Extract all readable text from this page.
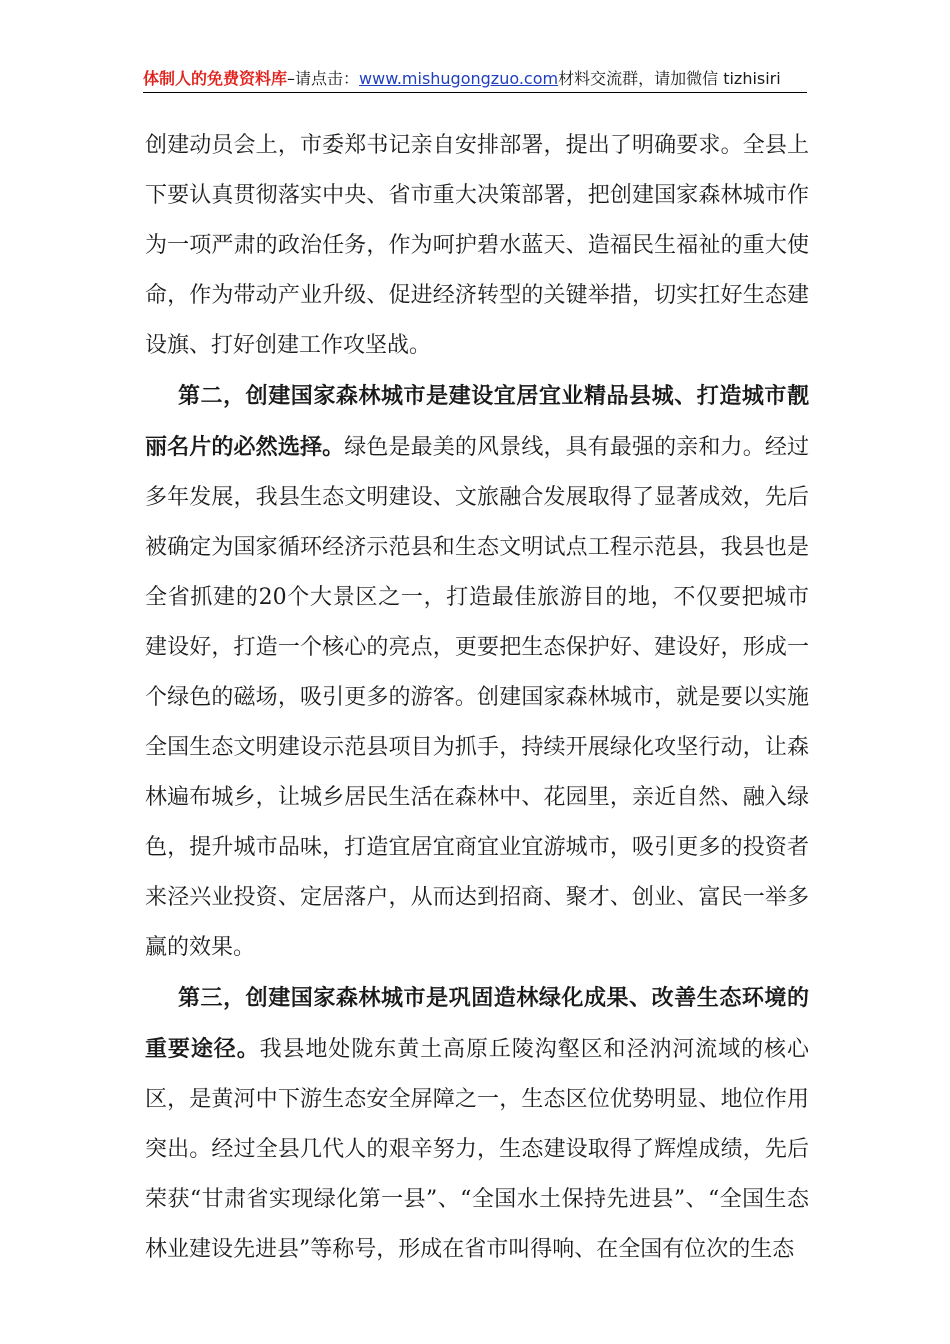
体制人的免费资料库–请点击：www.mishugongzuo.com材料交流群，请加微信 tizhisiri

创建动员会上，市委郑书记亲自安排部署，提出了明确要求。全县上下要认真贯彻落实中央、省市重大决策部署，把创建国家森林城市作为一项严肃的政治任务，作为呵护碧水蓝天、造福民生福祉的重大使命，作为带动产业升级、促进经济转型的关键举措，切实扛好生态建设旗、打好创建工作攻坚战。

第二，创建国家森林城市是建设宜居宜业精品县城、打造城市靓丽名片的必然选择。绿色是最美的风景线，具有最强的亲和力。经过多年发展，我县生态文明建设、文旅融合发展取得了显著成效，先后被确定为国家循环经济示范县和生态文明试点工程示范县，我县也是全省抓建的20个大景区之一，打造最佳旅游目的地，不仅要把城市建设好，打造一个核心的亮点，更要把生态保护好、建设好，形成一个绿色的磁场，吸引更多的游客。创建国家森林城市，就是要以实施全国生态文明建设示范县项目为抓手，持续开展绿化攻坚行动，让森林遍布城乡，让城乡居民生活在森林中、花园里，亲近自然、融入绿色，提升城市品味，打造宜居宜商宜业宜游城市，吸引更多的投资者来泾兴业投资、定居落户，从而达到招商、聚才、创业、富民一举多赢的效果。

第三，创建国家森林城市是巩固造林绿化成果、改善生态环境的重要途径。我县地处陇东黄土高原丘陵沟壑区和泾汭河流域的核心区，是黄河中下游生态安全屏障之一，生态区位优势明显、地位作用突出。经过全县几代人的艰辛努力，生态建设取得了辉煌成绩，先后荣获“甘肃省实现绿化第一县”、“全国水土保持先进县”、“全国生态林业建设先进县”等称号，形成在省市叫得响、在全国有位次的生态
